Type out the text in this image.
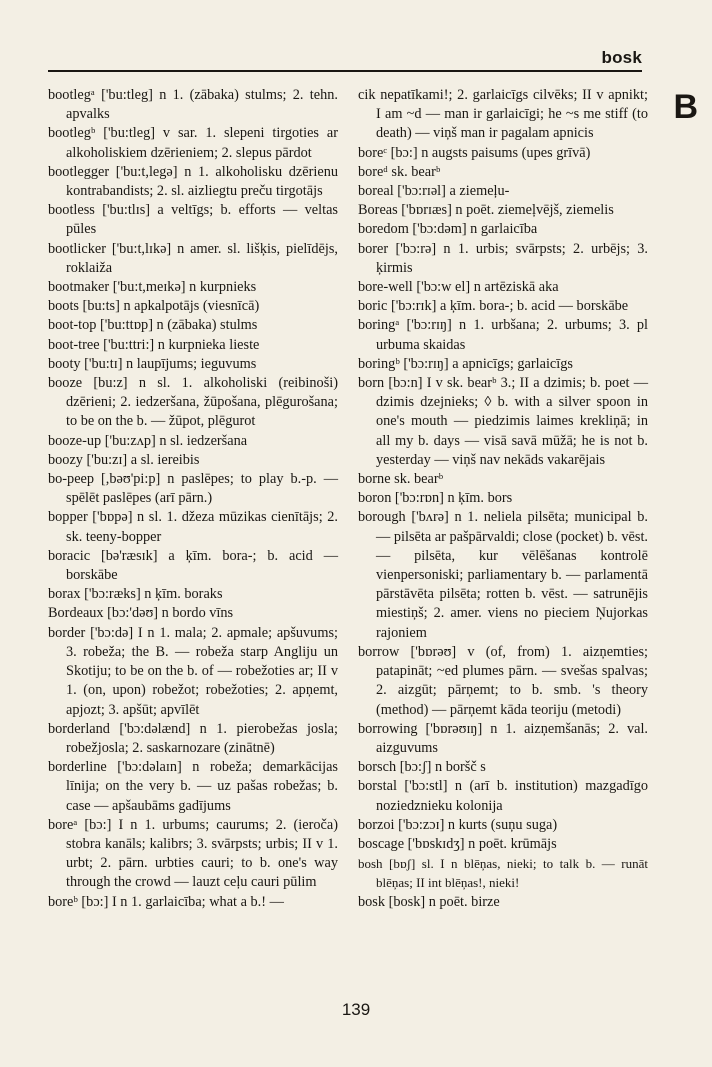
bosk
B

bootlegᵃ ['bu:tleg] n 1. (zābaka) stulms; 2. tehn. apvalks

bootlegᵇ ['bu:tleg] v sar. 1. slepeni tirgoties ar alkoholiskiem dzērieniem; 2. slepus pārdot

bootlegger ['bu:t,legə] n 1. alkoholisku dzērienu kontrabandists; 2. sl. aizliegtu preču tirgotājs

bootless ['bu:tlɪs] a veltīgs; b. efforts — veltas pūles

bootlicker ['bu:t,lɪkə] n amer. sl. lišķis, pielīdējs, roklaiža

bootmaker ['bu:t,meɪkə] n kurpnieks

boots [bu:ts] n apkalpotājs (viesnīcā)

boot-top ['bu:ttɒp] n (zābaka) stulms

boot-tree ['bu:ttri:] n kurpnieka lieste

booty ['bu:tɪ] n laupījums; ieguvums

booze [bu:z] n sl. 1. alkoholiski (reibinoši) dzērieni; 2. iedzeršana, žūpošana, plēgurošana; to be on the b. — žūpot, plēgurot

booze-up ['bu:zʌp] n sl. iedzeršana

boozy ['bu:zɪ] a sl. iereibis

bo-peep [,bəʊ'pi:p] n paslēpes; to play b.-p. — spēlēt paslēpes (arī pārn.)

bopper ['bɒpə] n sl. 1. džeza mūzikas cienītājs; 2. sk. teeny-bopper

boracic [bə'ræsɪk] a ķīm. bora-; b. acid — borskābe

borax ['bɔ:ræks] n ķīm. boraks

Bordeaux [bɔ:'dəʊ] n bordo vīns

border ['bɔ:də] I n 1. mala; 2. apmale; apšuvums; 3. robeža; the B. — robeža starp Angliju un Skotiju; to be on the b. of — robežoties ar; II v 1. (on, upon) robežot; robežoties; 2. apņemt, apjozt; 3. apšūt; apvīlēt

borderland ['bɔ:dəlænd] n 1. pierobežas josla; robežjosla; 2. saskarnozare (zinātnē)

borderline ['bɔ:dəlaɪn] n robeža; demarkācijas līnija; on the very b. — uz pašas robežas; b. case — apšaubāms gadījums

boreᵃ [bɔ:] I n 1. urbums; caurums; 2. (ieroča) stobra kanāls; kalibrs; 3. svārpsts; urbis; II v 1. urbt; 2. pārn. urbties cauri; to b. one's way through the crowd — lauzt ceļu cauri pūlim

boreᵇ [bɔ:] I n 1. garlaicība; what a b.! —

cik nepatīkami!; 2. garlaicīgs cilvēks; II v apnikt; I am ~d — man ir garlaicīgi; he ~s me stiff (to death) — viņš man ir pagalam apnicis

boreᶜ [bɔ:] n augsts paisums (upes grīvā)

boreᵈ sk. bearᵇ

boreal ['bɔ:rɪəl] a ziemeļu-

Boreas ['bɒrɪæs] n poēt. ziemeļvējš, ziemelis

boredom ['bɔ:dəm] n garlaicība

borer ['bɔ:rə] n 1. urbis; svārpsts; 2. urbējs; 3. ķirmis

bore-well ['bɔ:w el] n artēziskā aka

boric ['bɔ:rɪk] a ķīm. bora-; b. acid — borskābe

boringᵃ ['bɔ:rɪŋ] n 1. urbšana; 2. urbums; 3. pl urbuma skaidas

boringᵇ ['bɔ:rɪŋ] a apnicīgs; garlaicīgs

born [bɔ:n] I v sk. bearᵇ 3.; II a dzimis; b. poet — dzimis dzejnieks; ◊ b. with a silver spoon in one's mouth — piedzimis laimes krekliņā; in all my b. days — visā savā mūžā; he is not b. yesterday — viņš nav nekāds vakarējais

borne sk. bearᵇ

boron ['bɔ:rɒn] n ķīm. bors

borough ['bʌrə] n 1. neliela pilsēta; municipal b. — pilsēta ar pašpārvaldi; close (pocket) b. vēst. — pilsēta, kur vēlēšanas kontrolē vienpersoniski; parliamentary b. — parlamentā pārstāvēta pilsēta; rotten b. vēst. — satrunējis miestiņš; 2. amer. viens no pieciem Ņujorkas rajoniem

borrow ['bɒrəʊ] v (of, from) 1. aizņemties; patapināt; ~ed plumes pārn. — svešas spalvas; 2. aizgūt; pārņemt; to b. smb. 's theory (method) — pārņemt kāda teoriju (metodi)

borrowing ['bɒrəʊɪŋ] n 1. aizņemšanās; 2. val. aizguvums

borsch [bɔ:ʃ] n boršč s

borstal ['bɔ:stl] n (arī b. institution) mazgadīgo noziedznieku kolonija

borzoi ['bɔ:zɔɪ] n kurts (suņu suga)

boscage ['bɒskɪdʒ] n poēt. krūmājs

bosh [bɒʃ] sl. I n blēņas, nieki; to talk b. — runāt blēņas; II int blēņas!, nieki!

bosk [bosk] n poēt. birze

139
